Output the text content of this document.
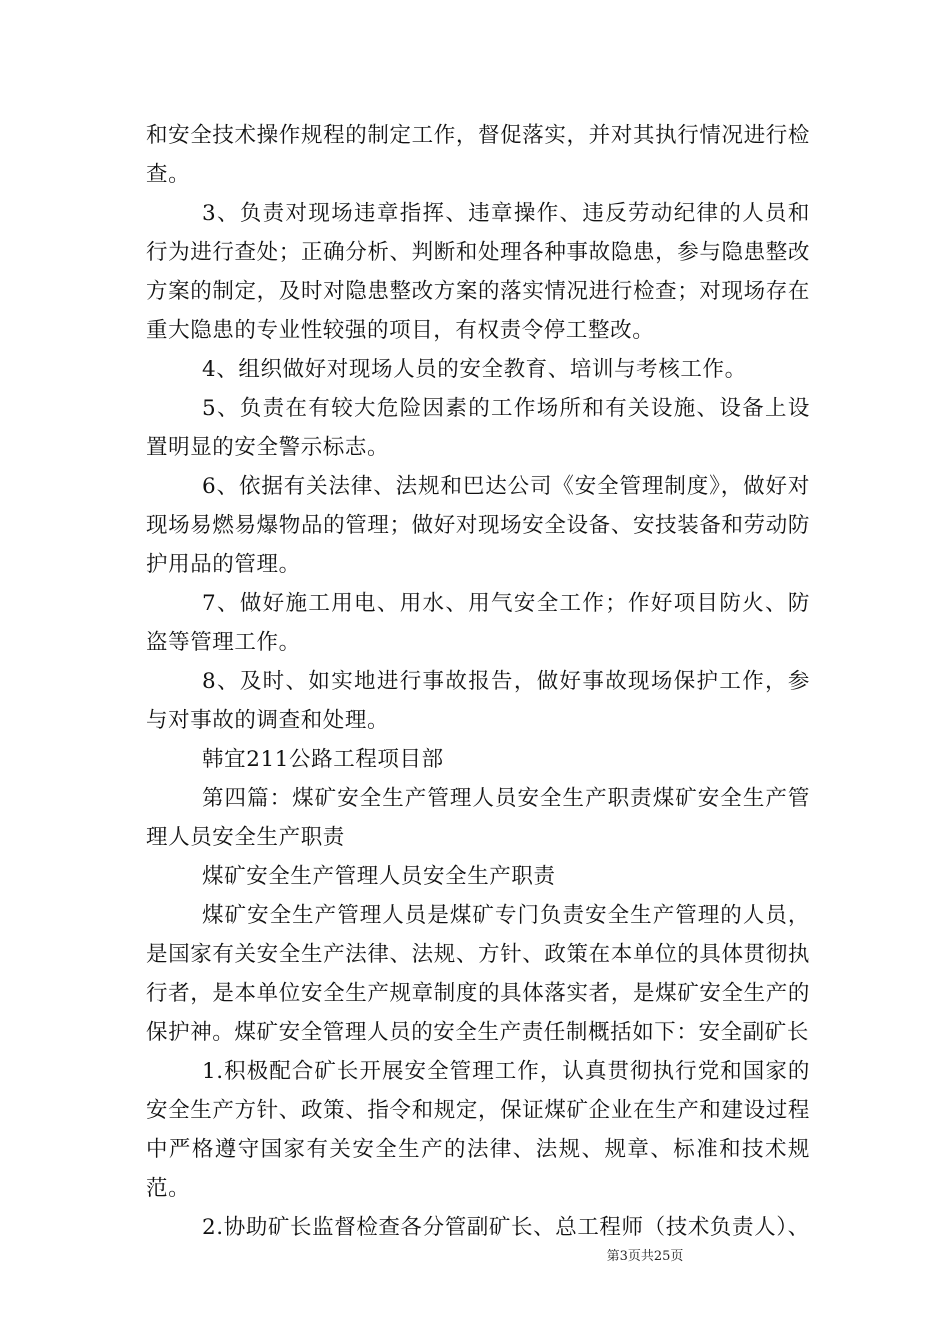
和安全技术操作规程的制定工作，督促落实，并对其执行情况进行检查。

3、负责对现场违章指挥、违章操作、违反劳动纪律的人员和行为进行查处；正确分析、判断和处理各种事故隐患，参与隐患整改方案的制定，及时对隐患整改方案的落实情况进行检查；对现场存在重大隐患的专业性较强的项目，有权责令停工整改。

4、组织做好对现场人员的安全教育、培训与考核工作。

5、负责在有较大危险因素的工作场所和有关设施、设备上设置明显的安全警示标志。

6、依据有关法律、法规和巴达公司《安全管理制度》，做好对现场易燃易爆物品的管理；做好对现场安全设备、安技装备和劳动防护用品的管理。

7、做好施工用电、用水、用气安全工作；作好项目防火、防盗等管理工作。

8、及时、如实地进行事故报告，做好事故现场保护工作，参与对事故的调查和处理。

韩宜211公路工程项目部

第四篇：煤矿安全生产管理人员安全生产职责煤矿安全生产管理人员安全生产职责

煤矿安全生产管理人员安全生产职责

煤矿安全生产管理人员是煤矿专门负责安全生产管理的人员，是国家有关安全生产法律、法规、方针、政策在本单位的具体贯彻执行者，是本单位安全生产规章制度的具体落实者，是煤矿安全生产的保护神。煤矿安全管理人员的安全生产责任制概括如下：安全副矿长

1.积极配合矿长开展安全管理工作，认真贯彻执行党和国家的安全生产方针、政策、指令和规定，保证煤矿企业在生产和建设过程中严格遵守国家有关安全生产的法律、法规、规章、标准和技术规范。

2.协助矿长监督检查各分管副矿长、总工程师（技术负责人）、

第3页共25页
